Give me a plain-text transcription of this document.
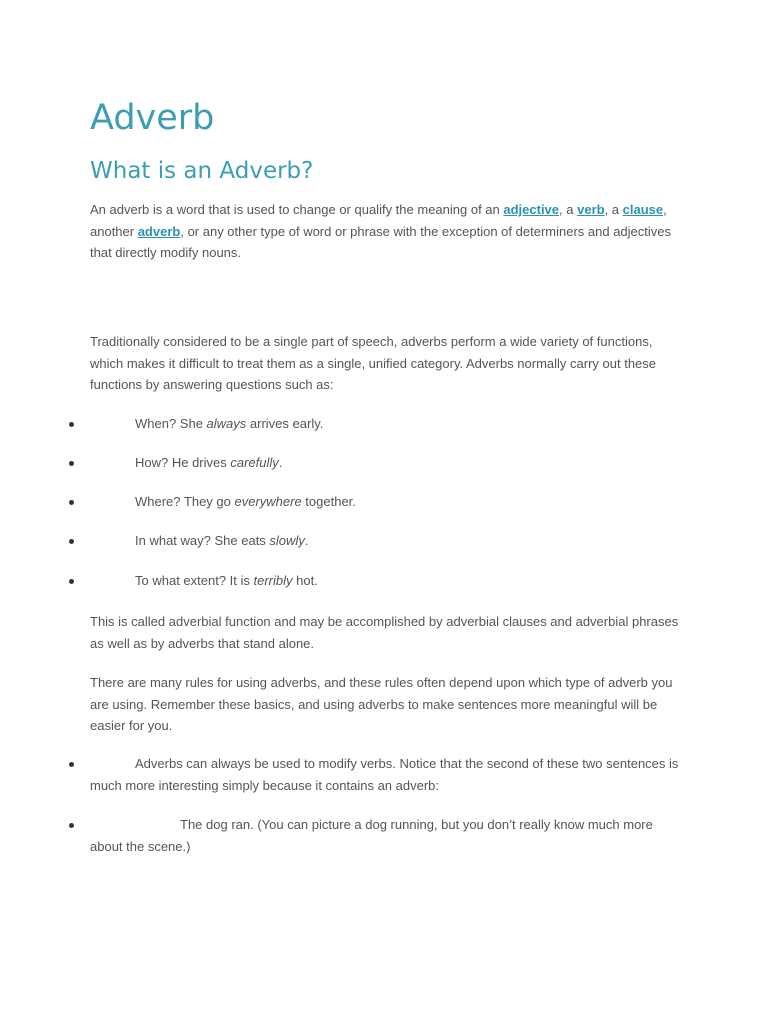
Adverb
What is an Adverb?

An adverb is a word that is used to change or qualify the meaning of an adjective, a verb, a clause, another adverb, or any other type of word or phrase with the exception of determiners and adjectives that directly modify nouns.

Traditionally considered to be a single part of speech, adverbs perform a wide variety of functions, which makes it difficult to treat them as a single, unified category. Adverbs normally carry out these functions by answering questions such as:

When? She always arrives early.
How? He drives carefully.
Where? They go everywhere together.
In what way? She eats slowly.
To what extent? It is terribly hot.

This is called adverbial function and may be accomplished by adverbial clauses and adverbial phrases as well as by adverbs that stand alone.

There are many rules for using adverbs, and these rules often depend upon which type of adverb you are using. Remember these basics, and using adverbs to make sentences more meaningful will be easier for you.

Adverbs can always be used to modify verbs. Notice that the second of these two sentences is much more interesting simply because it contains an adverb:
The dog ran. (You can picture a dog running, but you don’t really know much more about the scene.)
